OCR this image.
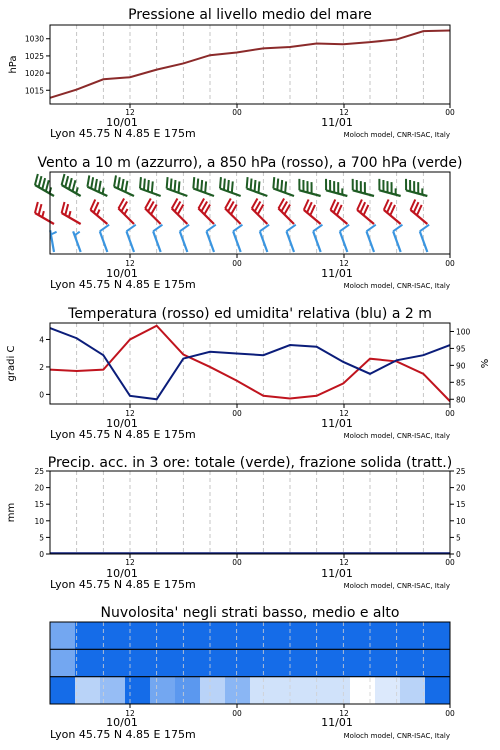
Pressione al livello medio del mare
1015
1020
1025
1030
hPa
12	00	12	00
10/01	11/01
Lyon 45.75 N 4.85 E 175m	Moloch model, CNR-ISAC, Italy
Vento a 10 m (azzurro), a 850 hPa (rosso), a 700 hPa (verde)
12	00	12	00
10/01	11/01
Lyon 45.75 N 4.85 E 175m	Moloch model, CNR-ISAC, Italy
Temperatura (rosso) ed umidita' relativa (blu) a 2 m
0
2
4
80
85
90
95
100
gradi C	%
12	00	12	00
10/01	11/01
Lyon 45.75 N 4.85 E 175m	Moloch model, CNR-ISAC, Italy
Precip. acc. in 3 ore: totale (verde), frazione solida (tratt.)
0	0
5	5
10	10
15	15
20	20
25	25
mm
12	00	12	00
10/01	11/01
Lyon 45.75 N 4.85 E 175m	Moloch model, CNR-ISAC, Italy
Nuvolosita' negli strati basso, medio e alto
12	00	12	00
10/01	11/01
Lyon 45.75 N 4.85 E 175m	Moloch model, CNR-ISAC, Italy
